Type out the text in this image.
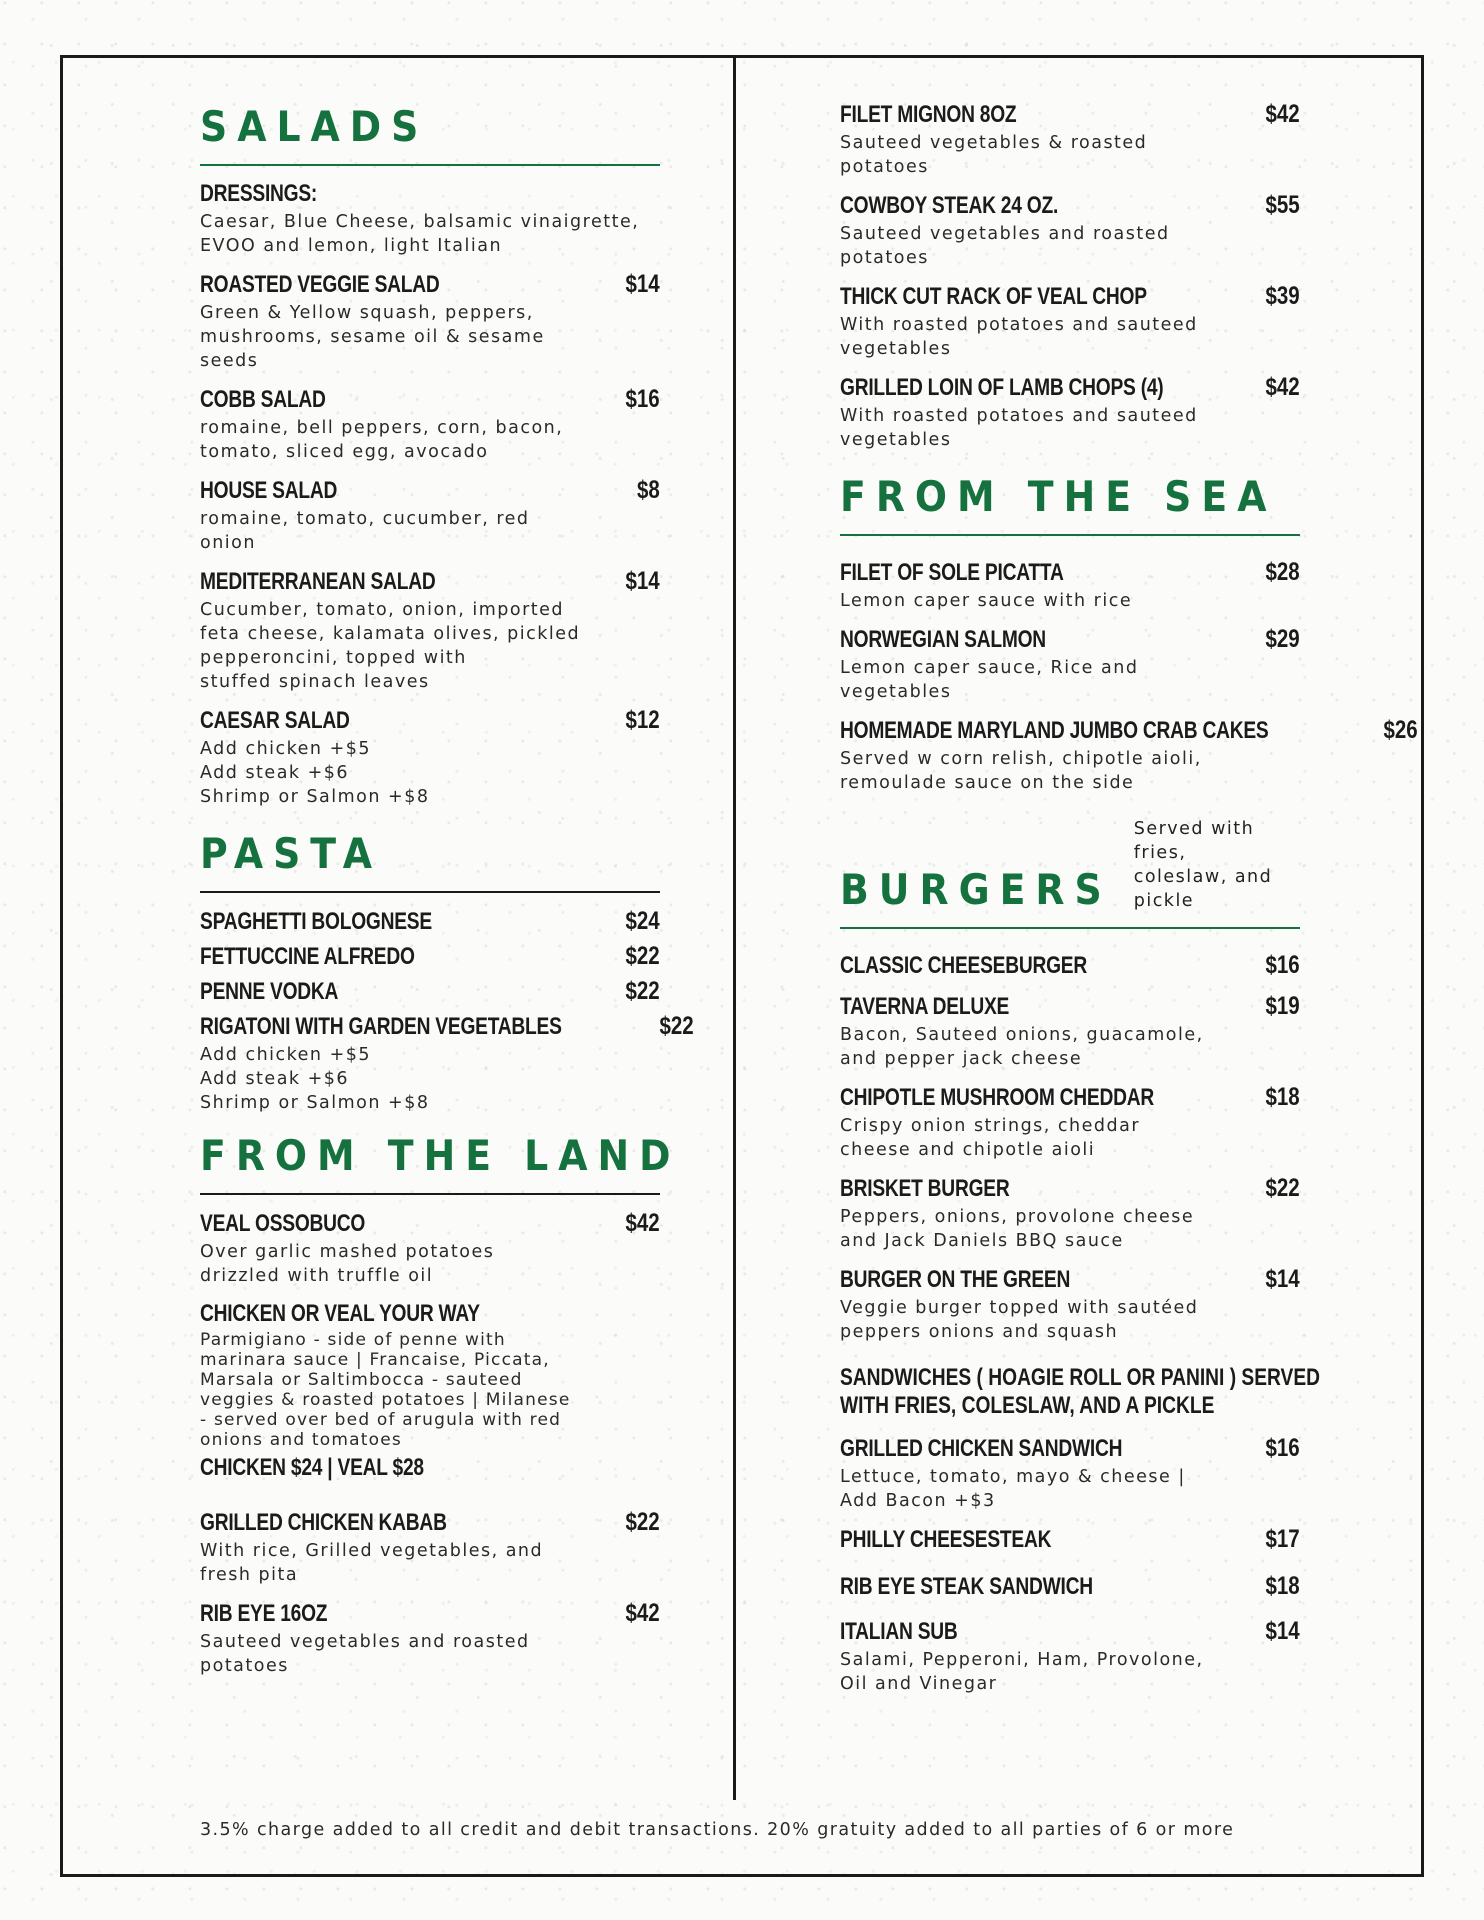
SALADS
DRESSINGS:
Caesar, Blue Cheese, balsamic vinaigrette,
EVOO and lemon, light Italian
ROASTED VEGGIE SALAD	$14
Green & Yellow squash, peppers,
mushrooms, sesame oil & sesame
seeds
COBB SALAD	$16
romaine, bell peppers, corn, bacon,
tomato, sliced egg, avocado
HOUSE SALAD	$8
romaine, tomato, cucumber, red
onion
MEDITERRANEAN SALAD	$14
Cucumber, tomato, onion, imported
feta cheese, kalamata olives, pickled
pepperoncini, topped with
stuffed spinach leaves
CAESAR SALAD	$12
Add chicken +$5
Add steak +$6
Shrimp or Salmon +$8
PASTA
SPAGHETTI BOLOGNESE	$24
FETTUCCINE ALFREDO	$22
PENNE VODKA	$22
RIGATONI WITH GARDEN VEGETABLES	$22
Add chicken +$5
Add steak +$6
Shrimp or Salmon +$8
FROM THE LAND
VEAL OSSOBUCO	$42
Over garlic mashed potatoes
drizzled with truffle oil
CHICKEN OR VEAL YOUR WAY
Parmigiano - side of penne with
marinara sauce | Francaise, Piccata,
Marsala or Saltimbocca - sauteed
veggies & roasted potatoes | Milanese
- served over bed of arugula with red
onions and tomatoes
CHICKEN $24 | VEAL $28
GRILLED CHICKEN KABAB	$22
With rice, Grilled vegetables, and
fresh pita
RIB EYE 16OZ	$42
Sauteed vegetables and roasted
potatoes
FILET MIGNON 8OZ	$42
Sauteed vegetables & roasted
potatoes
COWBOY STEAK 24 OZ.	$55
Sauteed vegetables and roasted
potatoes
THICK CUT RACK OF VEAL CHOP	$39
With roasted potatoes and sauteed
vegetables
GRILLED LOIN OF LAMB CHOPS (4)	$42
With roasted potatoes and sauteed
vegetables
FROM THE SEA
FILET OF SOLE PICATTA	$28
Lemon caper sauce with rice
NORWEGIAN SALMON	$29
Lemon caper sauce, Rice and
vegetables
HOMEMADE MARYLAND JUMBO CRAB CAKES	$26
Served w corn relish, chipotle aioli,
remoulade sauce on the side
BURGERS
Served with fries,
coleslaw, and pickle
CLASSIC CHEESEBURGER	$16
TAVERNA DELUXE	$19
Bacon, Sauteed onions, guacamole,
and pepper jack cheese
CHIPOTLE MUSHROOM CHEDDAR	$18
Crispy onion strings, cheddar
cheese and chipotle aioli
BRISKET BURGER	$22
Peppers, onions, provolone cheese
and Jack Daniels BBQ sauce
BURGER ON THE GREEN	$14
Veggie burger topped with sautéed
peppers onions and squash
SANDWICHES ( HOAGIE ROLL OR PANINI ) SERVED
WITH FRIES, COLESLAW, AND A PICKLE
GRILLED CHICKEN SANDWICH	$16
Lettuce, tomato, mayo & cheese |
Add Bacon +$3
PHILLY CHEESESTEAK	$17
RIB EYE STEAK SANDWICH	$18
ITALIAN SUB	$14
Salami, Pepperoni, Ham, Provolone,
Oil and Vinegar
3.5% charge added to all credit and debit transactions. 20% gratuity added to all parties of 6 or more
